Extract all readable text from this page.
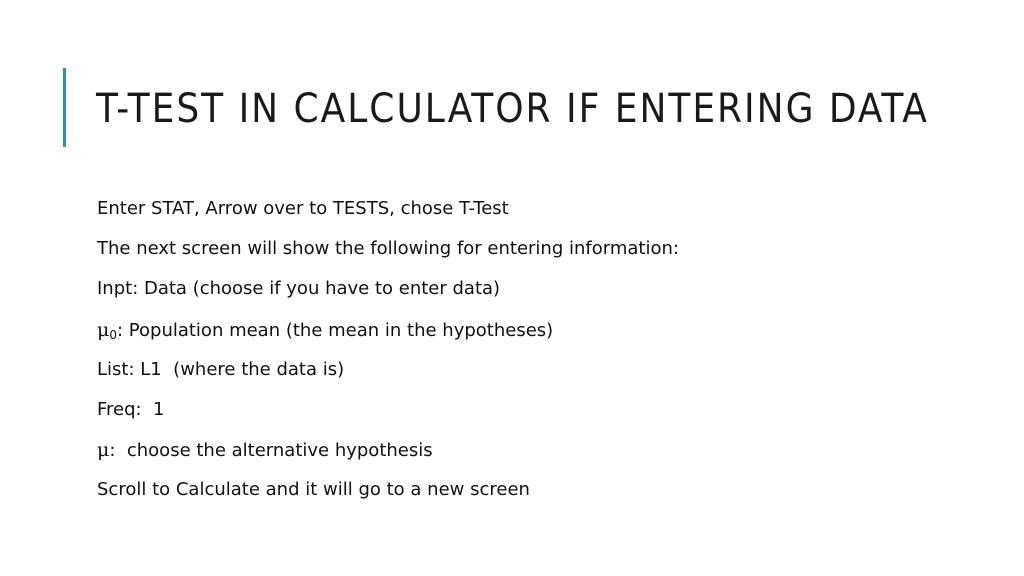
T-TEST IN CALCULATOR IF ENTERING DATA
Enter STAT, Arrow over to TESTS, chose T-Test
The next screen will show the following for entering information:
Inpt: Data (choose if you have to enter data)
$\mu_0$: Population mean (the mean in the hypotheses)
List: L1  (where the data is)
Freq:  1
μ:  choose the alternative hypothesis
Scroll to Calculate and it will go to a new screen
